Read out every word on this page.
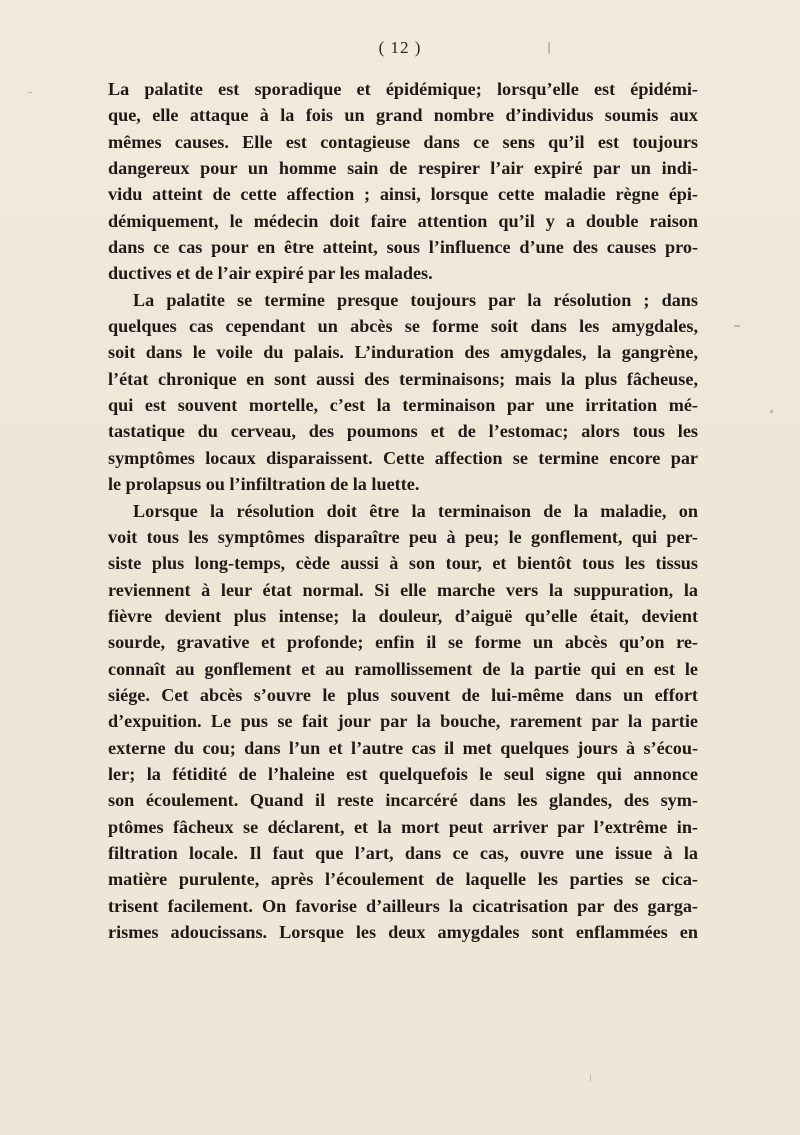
( 12 )
La palatite est sporadique et épidémique; lorsqu’elle est épidémi-
que, elle attaque à la fois un grand nombre d’individus soumis aux
mêmes causes. Elle est contagieuse dans ce sens qu’il est toujours
dangereux pour un homme sain de respirer l’air expiré par un indi-
vidu atteint de cette affection ; ainsi, lorsque cette maladie règne épi-
démiquement, le médecin doit faire attention qu’il y a double raison
dans ce cas pour en être atteint, sous l’influence d’une des causes pro-
ductives et de l’air expiré par les malades.
La palatite se termine presque toujours par la résolution ; dans
quelques cas cependant un abcès se forme soit dans les amygdales,
soit dans le voile du palais. L’induration des amygdales, la gangrène,
l’état chronique en sont aussi des terminaisons; mais la plus fâcheuse,
qui est souvent mortelle, c’est la terminaison par une irritation mé-
tastatique du cerveau, des poumons et de l’estomac; alors tous les
symptômes locaux disparaissent. Cette affection se termine encore par
le prolapsus ou l’infiltration de la luette.
Lorsque la résolution doit être la terminaison de la maladie, on
voit tous les symptômes disparaître peu à peu; le gonflement, qui per-
siste plus long-temps, cède aussi à son tour, et bientôt tous les tissus
reviennent à leur état normal. Si elle marche vers la suppuration, la
fièvre devient plus intense; la douleur, d’aiguë qu’elle était, devient
sourde, gravative et profonde; enfin il se forme un abcès qu’on re-
connaît au gonflement et au ramollissement de la partie qui en est le
siége. Cet abcès s’ouvre le plus souvent de lui-même dans un effort
d’expuition. Le pus se fait jour par la bouche, rarement par la partie
externe du cou; dans l’un et l’autre cas il met quelques jours à s’écou-
ler; la fétidité de l’haleine est quelquefois le seul signe qui annonce
son écoulement. Quand il reste incarcéré dans les glandes, des sym-
ptômes fâcheux se déclarent, et la mort peut arriver par l’extrême in-
filtration locale. Il faut que l’art, dans ce cas, ouvre une issue à la
matière purulente, après l’écoulement de laquelle les parties se cica-
trisent facilement. On favorise d’ailleurs la cicatrisation par des garga-
rismes adoucissans. Lorsque les deux amygdales sont enflammées en
